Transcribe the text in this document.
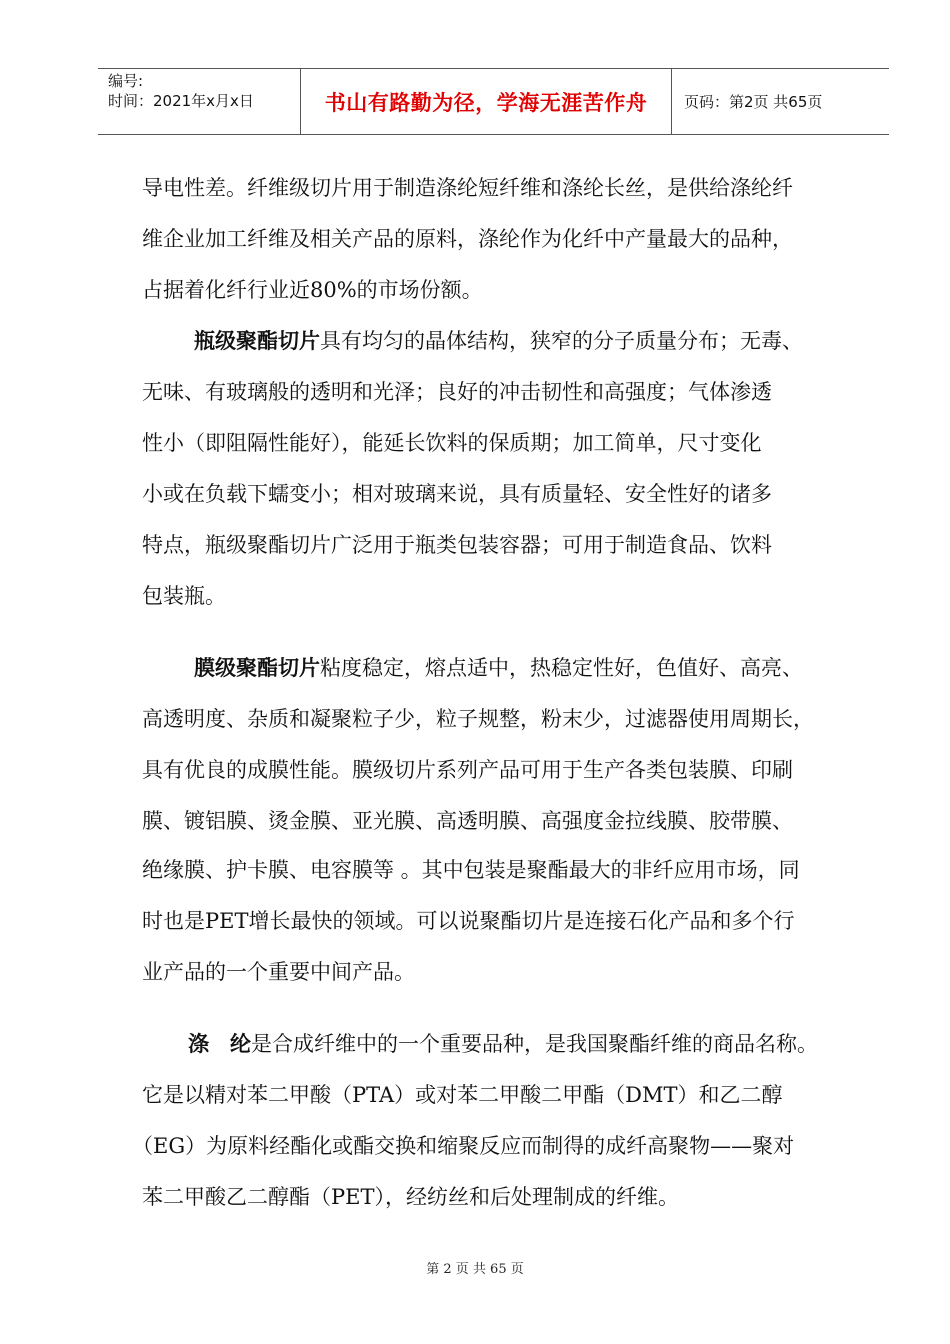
编号:
时间：2021年x月x日	书山有路勤为径，学海无涯苦作舟 页码：第2页 共65页
导电性差。纤维级切片用于制造涤纶短纤维和涤纶长丝，是供给涤纶纤
维企业加工纤维及相关产品的原料，涤纶作为化纤中产量最大的品种，
占据着化纤行业近80%的市场份额。
瓶级聚酯切片具有均匀的晶体结构，狭窄的分子质量分布；无毒、
无味、有玻璃般的透明和光泽；良好的冲击韧性和高强度；气体渗透
性小（即阻隔性能好），能延长饮料的保质期；加工简单，尺寸变化
小或在负载下蠕变小；相对玻璃来说，具有质量轻、安全性好的诸多
特点，瓶级聚酯切片广泛用于瓶类包装容器；可用于制造食品、饮料
包装瓶。
膜级聚酯切片粘度稳定，熔点适中，热稳定性好，色值好、高亮、
高透明度、杂质和凝聚粒子少，粒子规整，粉末少，过滤器使用周期长，
具有优良的成膜性能。膜级切片系列产品可用于生产各类包装膜、印刷
膜、镀铝膜、烫金膜、亚光膜、高透明膜、高强度金拉线膜、胶带膜、
绝缘膜、护卡膜、电容膜等 。其中包装是聚酯最大的非纤应用市场，同
时也是PET增长最快的领域。可以说聚酯切片是连接石化产品和多个行
业产品的一个重要中间产品。
涤　纶是合成纤维中的一个重要品种，是我国聚酯纤维的商品名称。
它是以精对苯二甲酸（PTA）或对苯二甲酸二甲酯（DMT）和乙二醇
（EG）为原料经酯化或酯交换和缩聚反应而制得的成纤高聚物——聚对
苯二甲酸乙二醇酯（PET），经纺丝和后处理制成的纤维。
第 2 页 共 65 页
